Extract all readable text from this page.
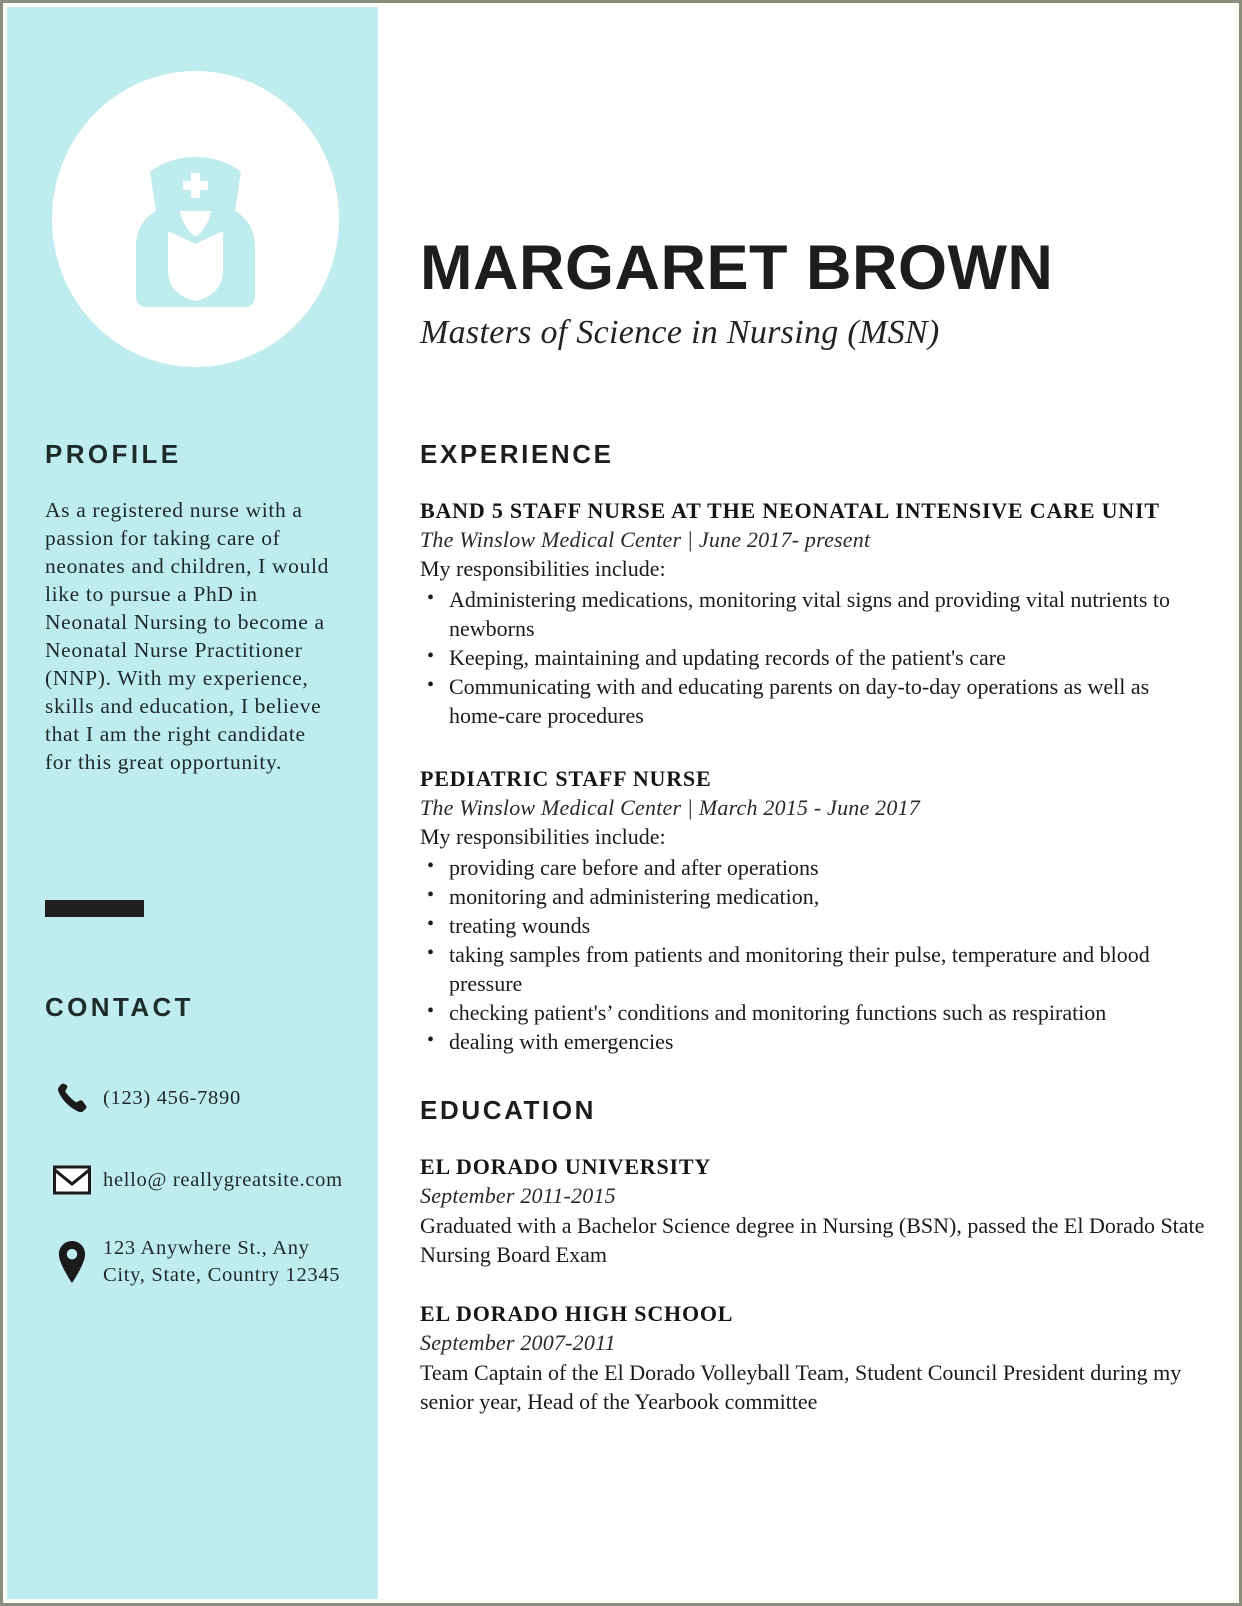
PROFILE

As a registered nurse with a passion for taking care of neonates and children, I would like to pursue a PhD in Neonatal Nursing to become a Neonatal Nurse Practitioner (NNP). With my experience, skills and education, I believe that I am the right candidate for this great opportunity.

CONTACT
(123) 456-7890
hello@ reallygreatsite.com
123 Anywhere St., Any City, State, Country 12345
MARGARET BROWN
Masters of Science in Nursing (MSN)
EXPERIENCE
BAND 5 STAFF NURSE AT THE NEONATAL INTENSIVE CARE UNIT
The Winslow Medical Center | June 2017- present
My responsibilities include:
• Administering medications, monitoring vital signs and providing vital nutrients to newborns
• Keeping, maintaining and updating records of the patient's care
• Communicating with and educating parents on day-to-day operations as well as home-care procedures
PEDIATRIC STAFF NURSE
The Winslow Medical Center | March 2015 - June 2017
My responsibilities include:
• providing care before and after operations
• monitoring and administering medication,
• treating wounds
• taking samples from patients and monitoring their pulse, temperature and blood pressure
• checking patient's’ conditions and monitoring functions such as respiration
• dealing with emergencies
EDUCATION
EL DORADO UNIVERSITY
September 2011-2015
Graduated with a Bachelor Science degree in Nursing (BSN), passed the El Dorado State Nursing Board Exam
EL DORADO HIGH SCHOOL
September 2007-2011
Team Captain of the El Dorado Volleyball Team, Student Council President during my senior year, Head of the Yearbook committee
